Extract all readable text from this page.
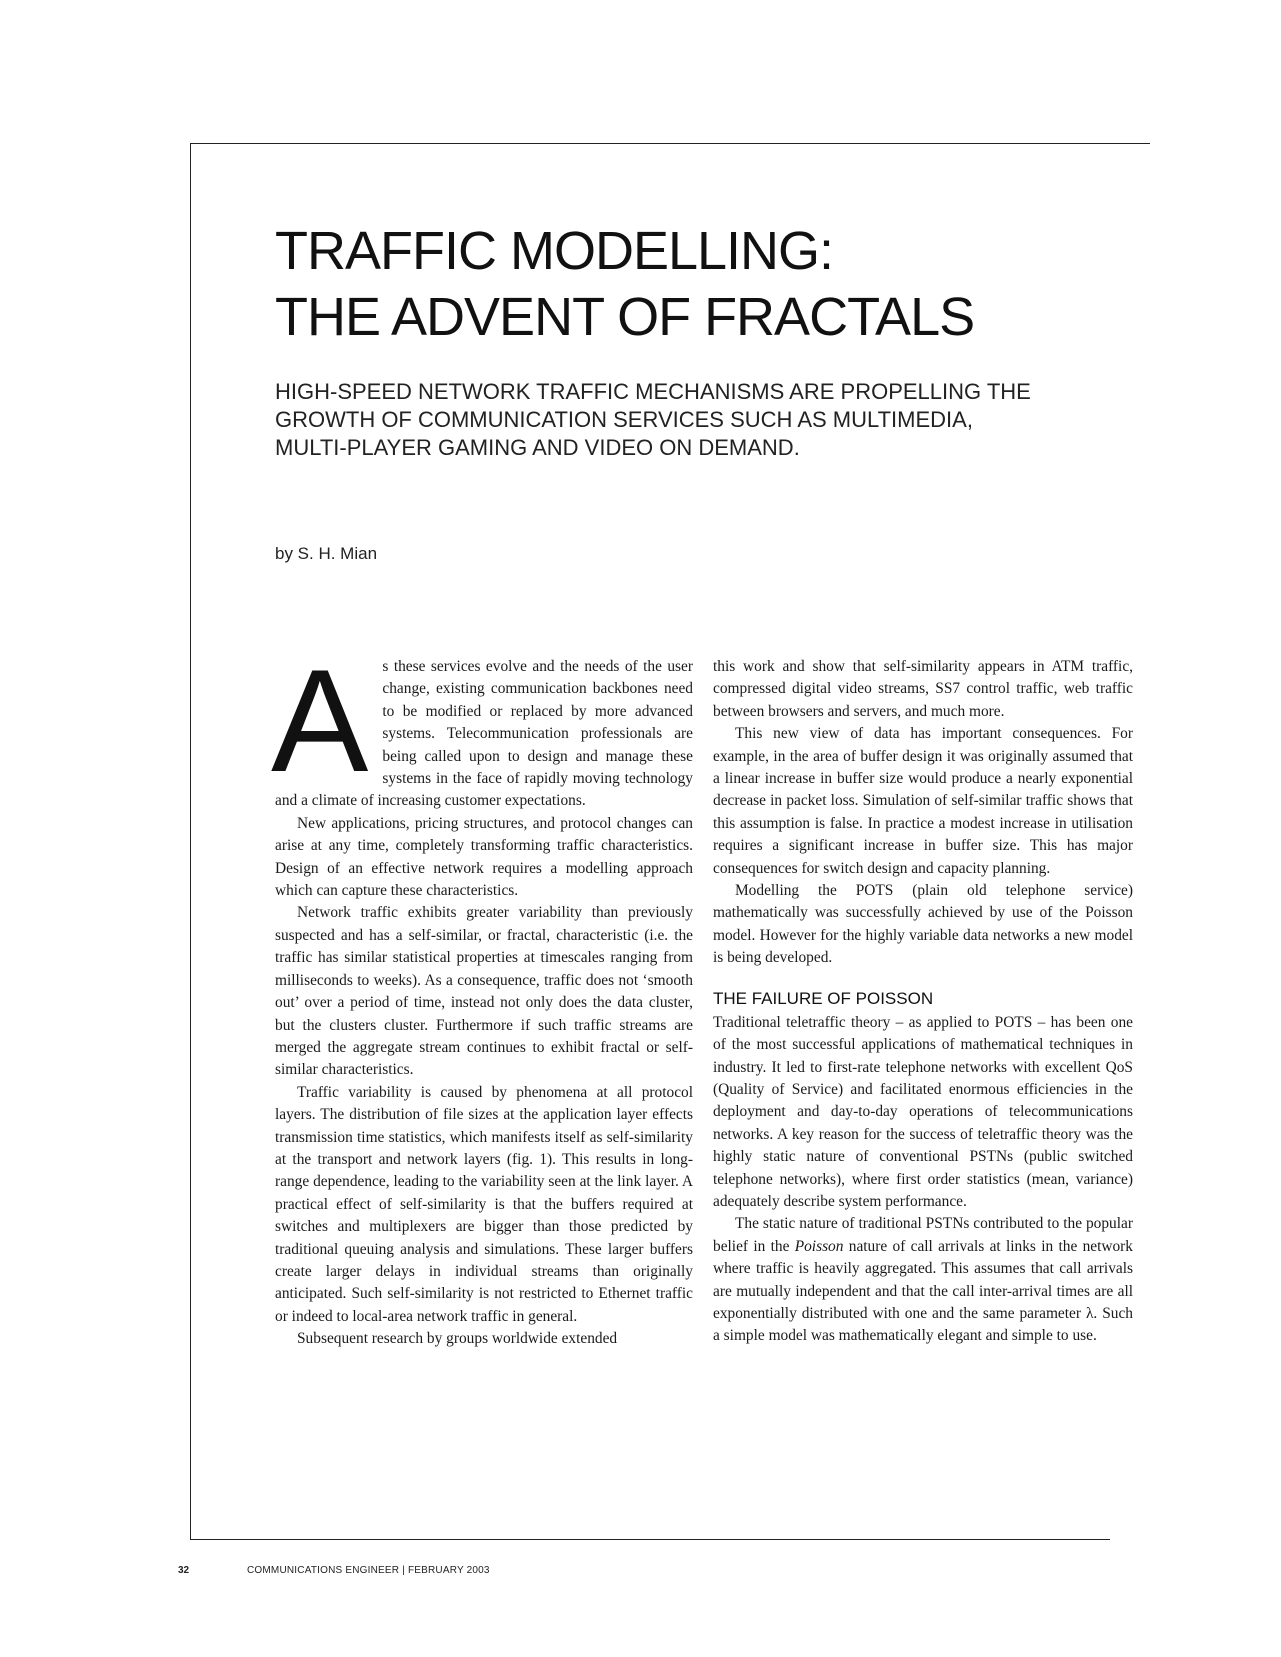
TRAFFIC MODELLING:
THE ADVENT OF FRACTALS

HIGH-SPEED NETWORK TRAFFIC MECHANISMS ARE PROPELLING THE GROWTH OF COMMUNICATION SERVICES SUCH AS MULTIMEDIA, MULTI-PLAYER GAMING AND VIDEO ON DEMAND.

by S. H. Mian

As these services evolve and the needs of the user change, existing communication backbones need to be modified or replaced by more advanced systems. Telecommunication professionals are being called upon to design and manage these systems in the face of rapidly moving technology and a climate of increasing customer expectations.

New applications, pricing structures, and protocol changes can arise at any time, completely transforming traffic characteristics. Design of an effective network requires a modelling approach which can capture these characteristics.

Network traffic exhibits greater variability than previously suspected and has a self-similar, or fractal, characteristic (i.e. the traffic has similar statistical properties at timescales ranging from milliseconds to weeks). As a consequence, traffic does not ‘smooth out’ over a period of time, instead not only does the data cluster, but the clusters cluster. Furthermore if such traffic streams are merged the aggregate stream continues to exhibit fractal or self-similar characteristics.

Traffic variability is caused by phenomena at all protocol layers. The distribution of file sizes at the application layer effects transmission time statistics, which manifests itself as self-similarity at the transport and network layers (fig. 1). This results in long-range dependence, leading to the variability seen at the link layer. A practical effect of self-similarity is that the buffers required at switches and multiplexers are bigger than those predicted by traditional queuing analysis and simulations. These larger buffers create larger delays in individual streams than originally anticipated. Such self-similarity is not restricted to Ethernet traffic or indeed to local-area network traffic in general.

Subsequent research by groups worldwide extended

this work and show that self-similarity appears in ATM traffic, compressed digital video streams, SS7 control traffic, web traffic between browsers and servers, and much more.

This new view of data has important consequences. For example, in the area of buffer design it was originally assumed that a linear increase in buffer size would produce a nearly exponential decrease in packet loss. Simulation of self-similar traffic shows that this assumption is false. In practice a modest increase in utilisation requires a significant increase in buffer size. This has major consequences for switch design and capacity planning.

Modelling the POTS (plain old telephone service) mathematically was successfully achieved by use of the Poisson model. However for the highly variable data networks a new model is being developed.

THE FAILURE OF POISSON

Traditional teletraffic theory – as applied to POTS – has been one of the most successful applications of mathematical techniques in industry. It led to first-rate telephone networks with excellent QoS (Quality of Service) and facilitated enormous efficiencies in the deployment and day-to-day operations of telecommunications networks. A key reason for the success of teletraffic theory was the highly static nature of conventional PSTNs (public switched telephone networks), where first order statistics (mean, variance) adequately describe system performance.

The static nature of traditional PSTNs contributed to the popular belief in the Poisson nature of call arrivals at links in the network where traffic is heavily aggregated. This assumes that call arrivals are mutually independent and that the call inter-arrival times are all exponentially distributed with one and the same parameter λ. Such a simple model was mathematically elegant and simple to use.

32	COMMUNICATIONS ENGINEER | FEBRUARY 2003
